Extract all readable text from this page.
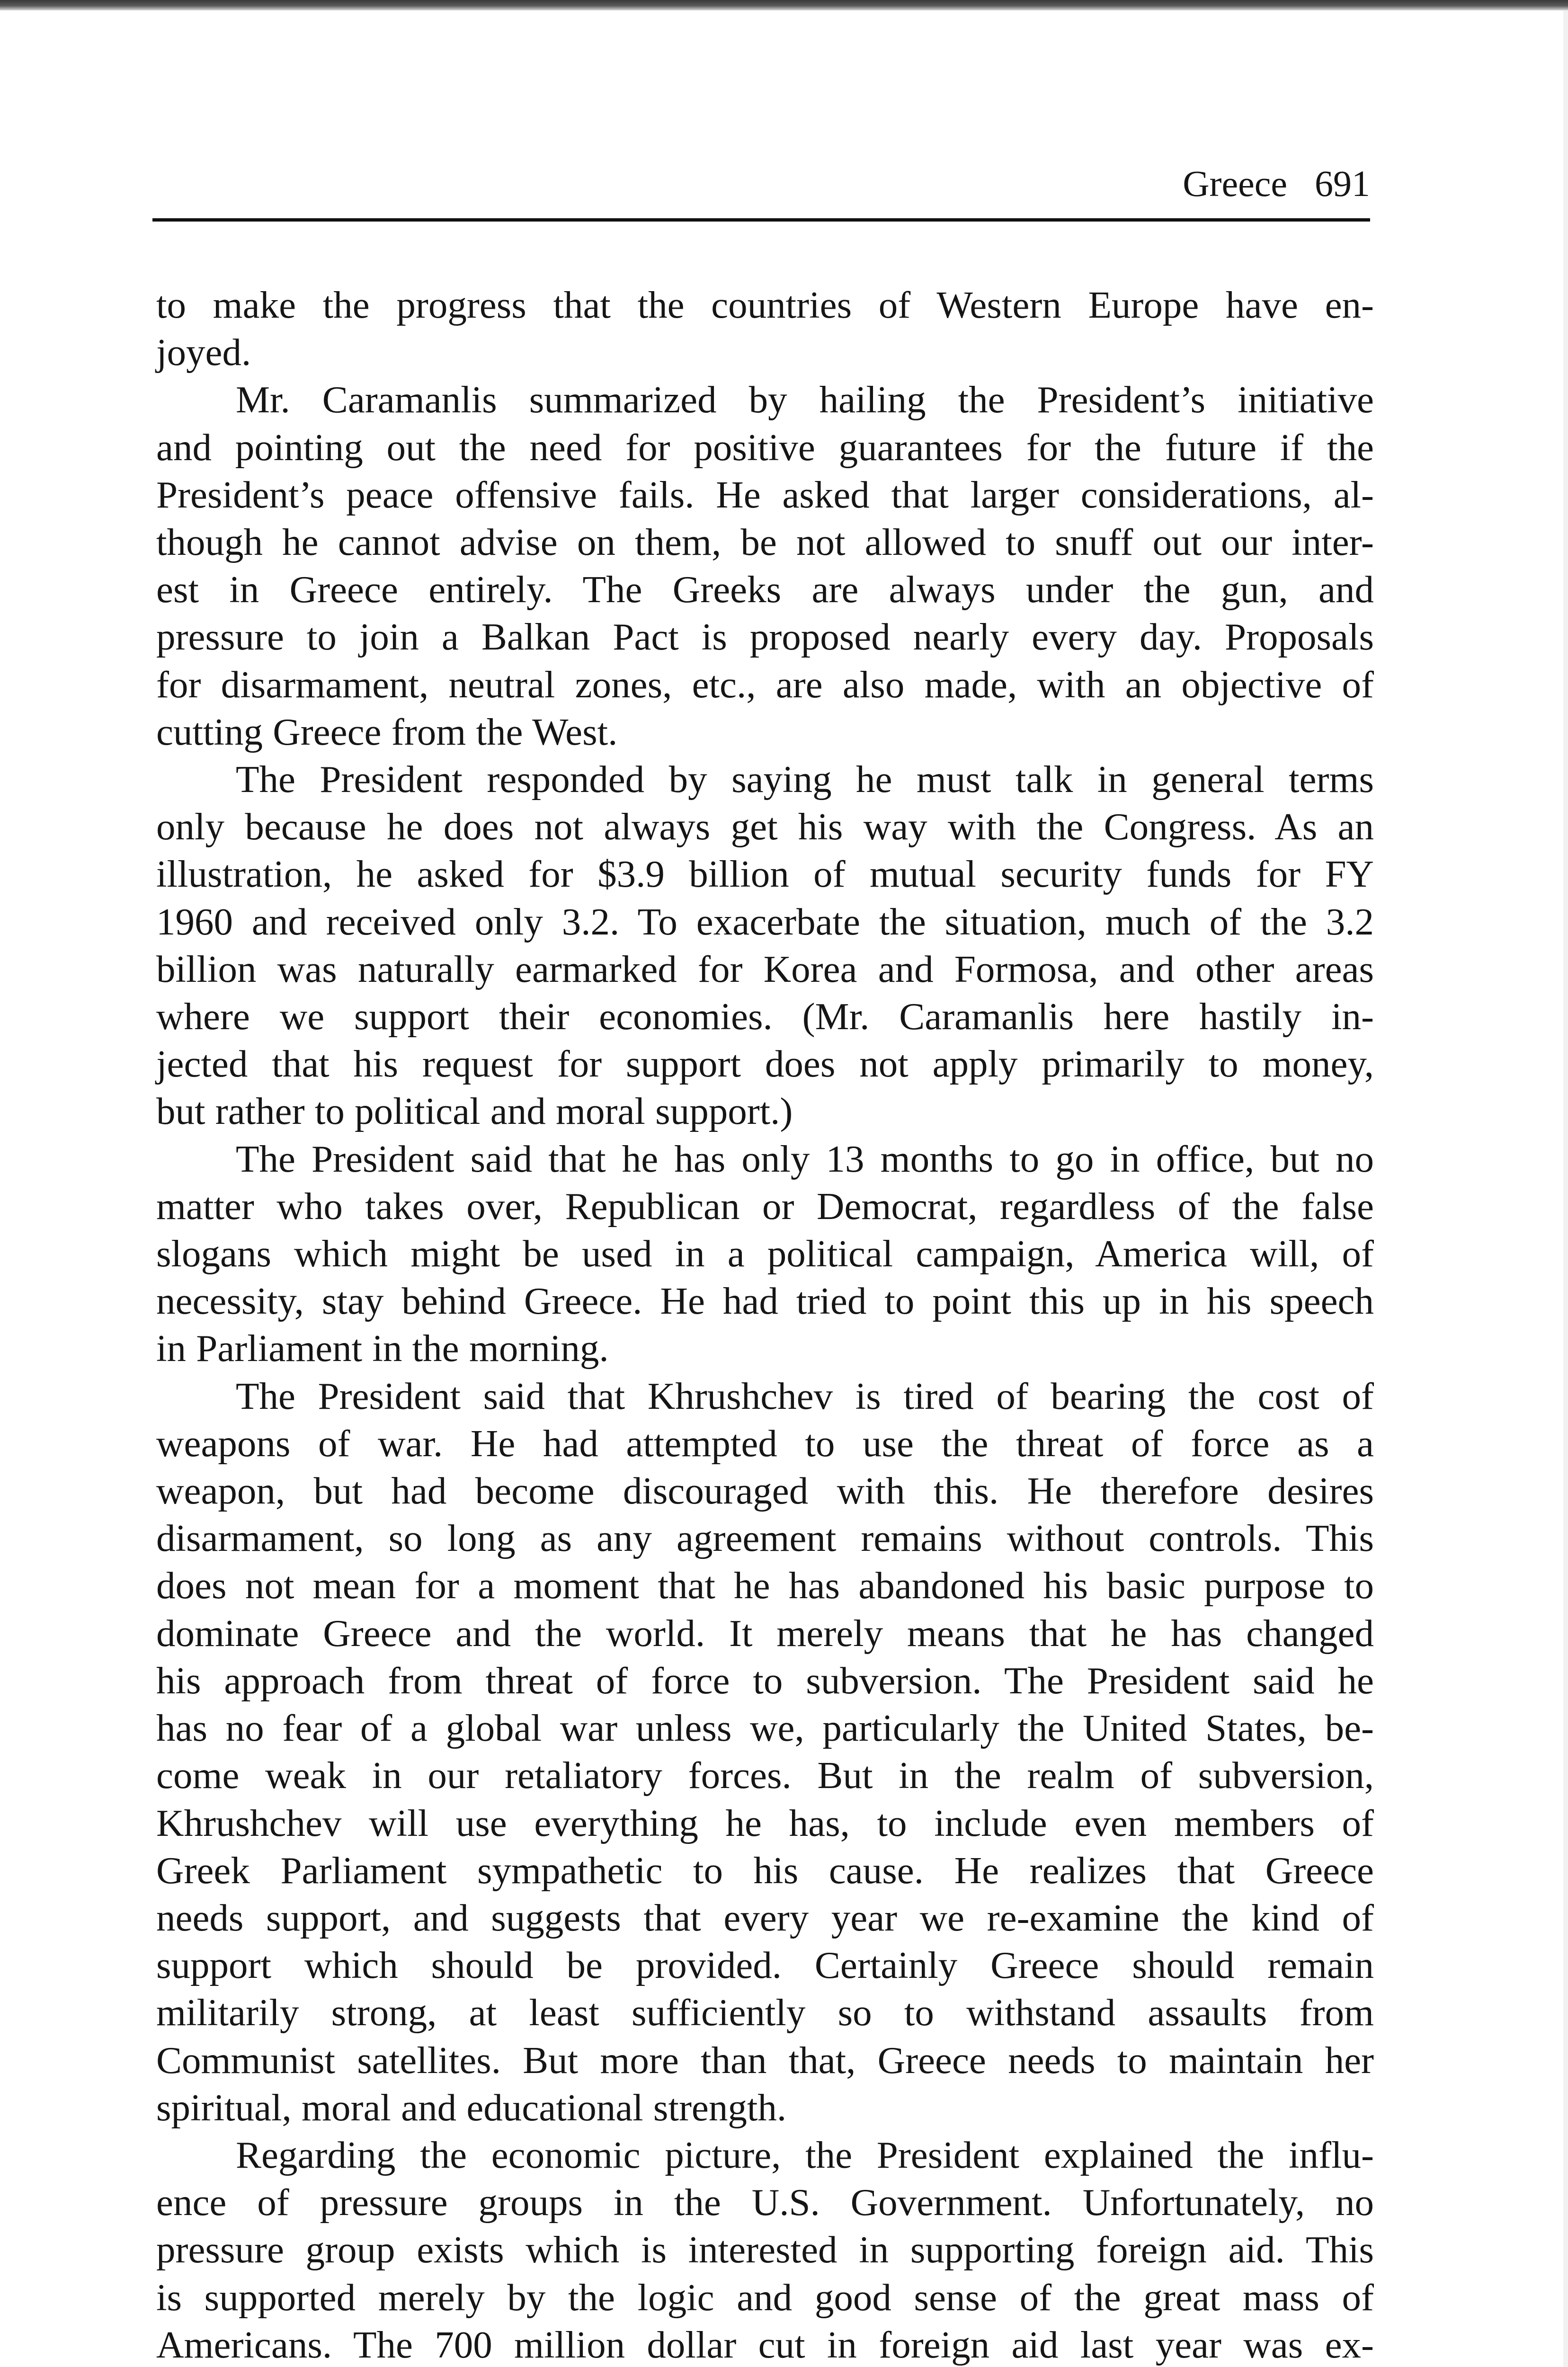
Greece 691

to make the progress that the countries of Western Europe have en-
joyed.

Mr. Caramanlis summarized by hailing the President’s initiative
and pointing out the need for positive guarantees for the future if the
President’s peace offensive fails. He asked that larger considerations, al-
though he cannot advise on them, be not allowed to snuff out our inter-
est in Greece entirely. The Greeks are always under the gun, and
pressure to join a Balkan Pact is proposed nearly every day. Proposals
for disarmament, neutral zones, etc., are also made, with an objective of
cutting Greece from the West.

The President responded by saying he must talk in general terms
only because he does not always get his way with the Congress. As an
illustration, he asked for $3.9 billion of mutual security funds for FY
1960 and received only 3.2. To exacerbate the situation, much of the 3.2
billion was naturally earmarked for Korea and Formosa, and other areas
where we support their economies. (Mr. Caramanlis here hastily in-
jected that his request for support does not apply primarily to money,
but rather to political and moral support.)

The President said that he has only 13 months to go in office, but no
matter who takes over, Republican or Democrat, regardless of the false
slogans which might be used in a political campaign, America will, of
necessity, stay behind Greece. He had tried to point this up in his speech
in Parliament in the morning.

The President said that Khrushchev is tired of bearing the cost of
weapons of war. He had attempted to use the threat of force as a
weapon, but had become discouraged with this. He therefore desires
disarmament, so long as any agreement remains without controls. This
does not mean for a moment that he has abandoned his basic purpose to
dominate Greece and the world. It merely means that he has changed
his approach from threat of force to subversion. The President said he
has no fear of a global war unless we, particularly the United States, be-
come weak in our retaliatory forces. But in the realm of subversion,
Khrushchev will use everything he has, to include even members of
Greek Parliament sympathetic to his cause. He realizes that Greece
needs support, and suggests that every year we re-examine the kind of
support which should be provided. Certainly Greece should remain
militarily strong, at least sufficiently so to withstand assaults from
Communist satellites. But more than that, Greece needs to maintain her
spiritual, moral and educational strength.

Regarding the economic picture, the President explained the influ-
ence of pressure groups in the U.S. Government. Unfortunately, no
pressure group exists which is interested in supporting foreign aid. This
is supported merely by the logic and good sense of the great mass of
Americans. The 700 million dollar cut in foreign aid last year was ex-
